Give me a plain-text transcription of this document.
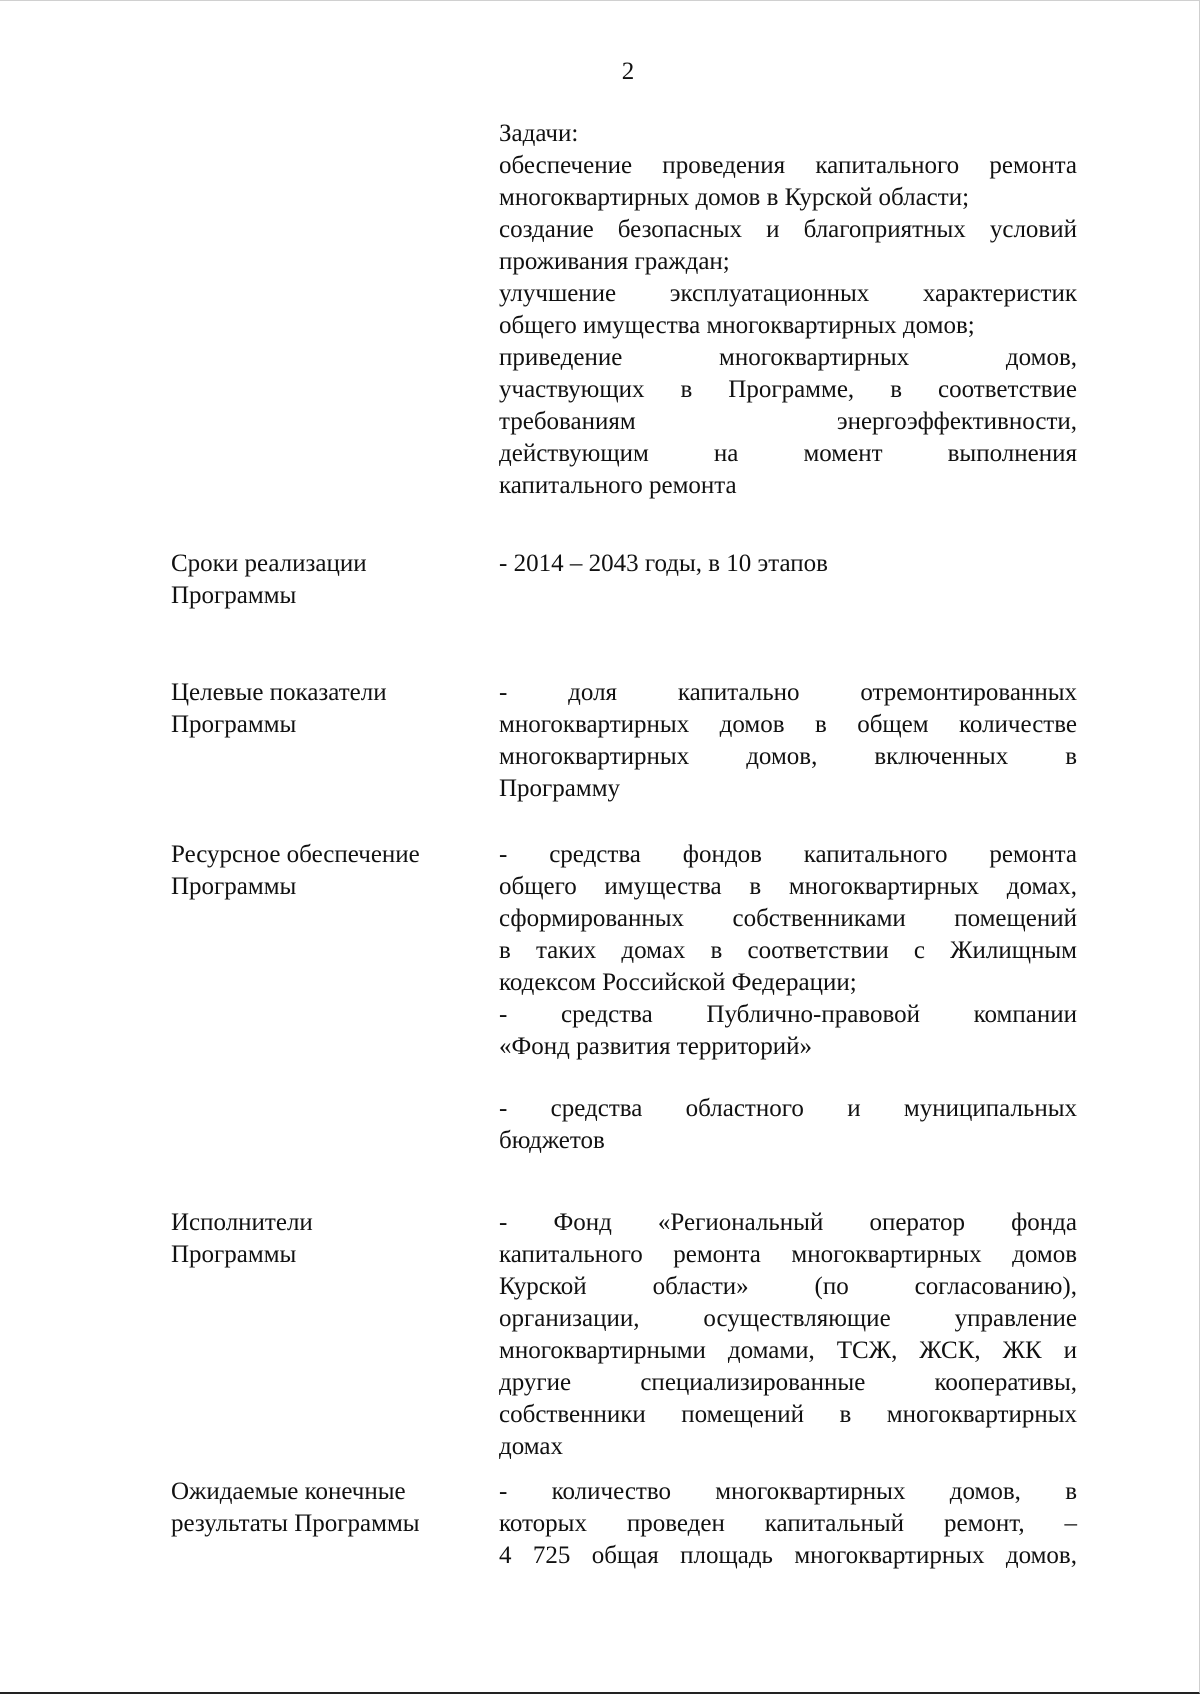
2
Задачи:
обеспечение проведения капитального ремонта
многоквартирных домов в Курской области;
создание безопасных и благоприятных условий
проживания граждан;
улучшение эксплуатационных характеристик
общего имущества многоквартирных домов;
приведение многоквартирных домов,
участвующих в Программе, в соответствие
требованиям энергоэффективности,
действующим на момент выполнения
капитального ремонта
Сроки реализации
Программы
- 2014 – 2043 годы, в 10 этапов
Целевые показатели
Программы
- доля капитально отремонтированных
многоквартирных домов в общем количестве
многоквартирных домов, включенных в
Программу
Ресурсное обеспечение
Программы
- средства фондов капитального ремонта
общего имущества в многоквартирных домах,
сформированных собственниками помещений
в таких домах в соответствии с Жилищным
кодексом Российской Федерации;
- средства Публично-правовой компании
«Фонд развития территорий»
- средства областного и муниципальных
бюджетов
Исполнители
Программы
- Фонд «Региональный оператор фонда
капитального ремонта многоквартирных домов
Курской области» (по согласованию),
организации, осуществляющие управление
многоквартирными домами, ТСЖ, ЖСК, ЖК и
другие специализированные кооперативы,
собственники помещений в многоквартирных
домах
Ожидаемые конечные
результаты Программы
- количество многоквартирных домов, в
которых проведен капитальный ремонт, –
4 725 общая площадь многоквартирных домов,
